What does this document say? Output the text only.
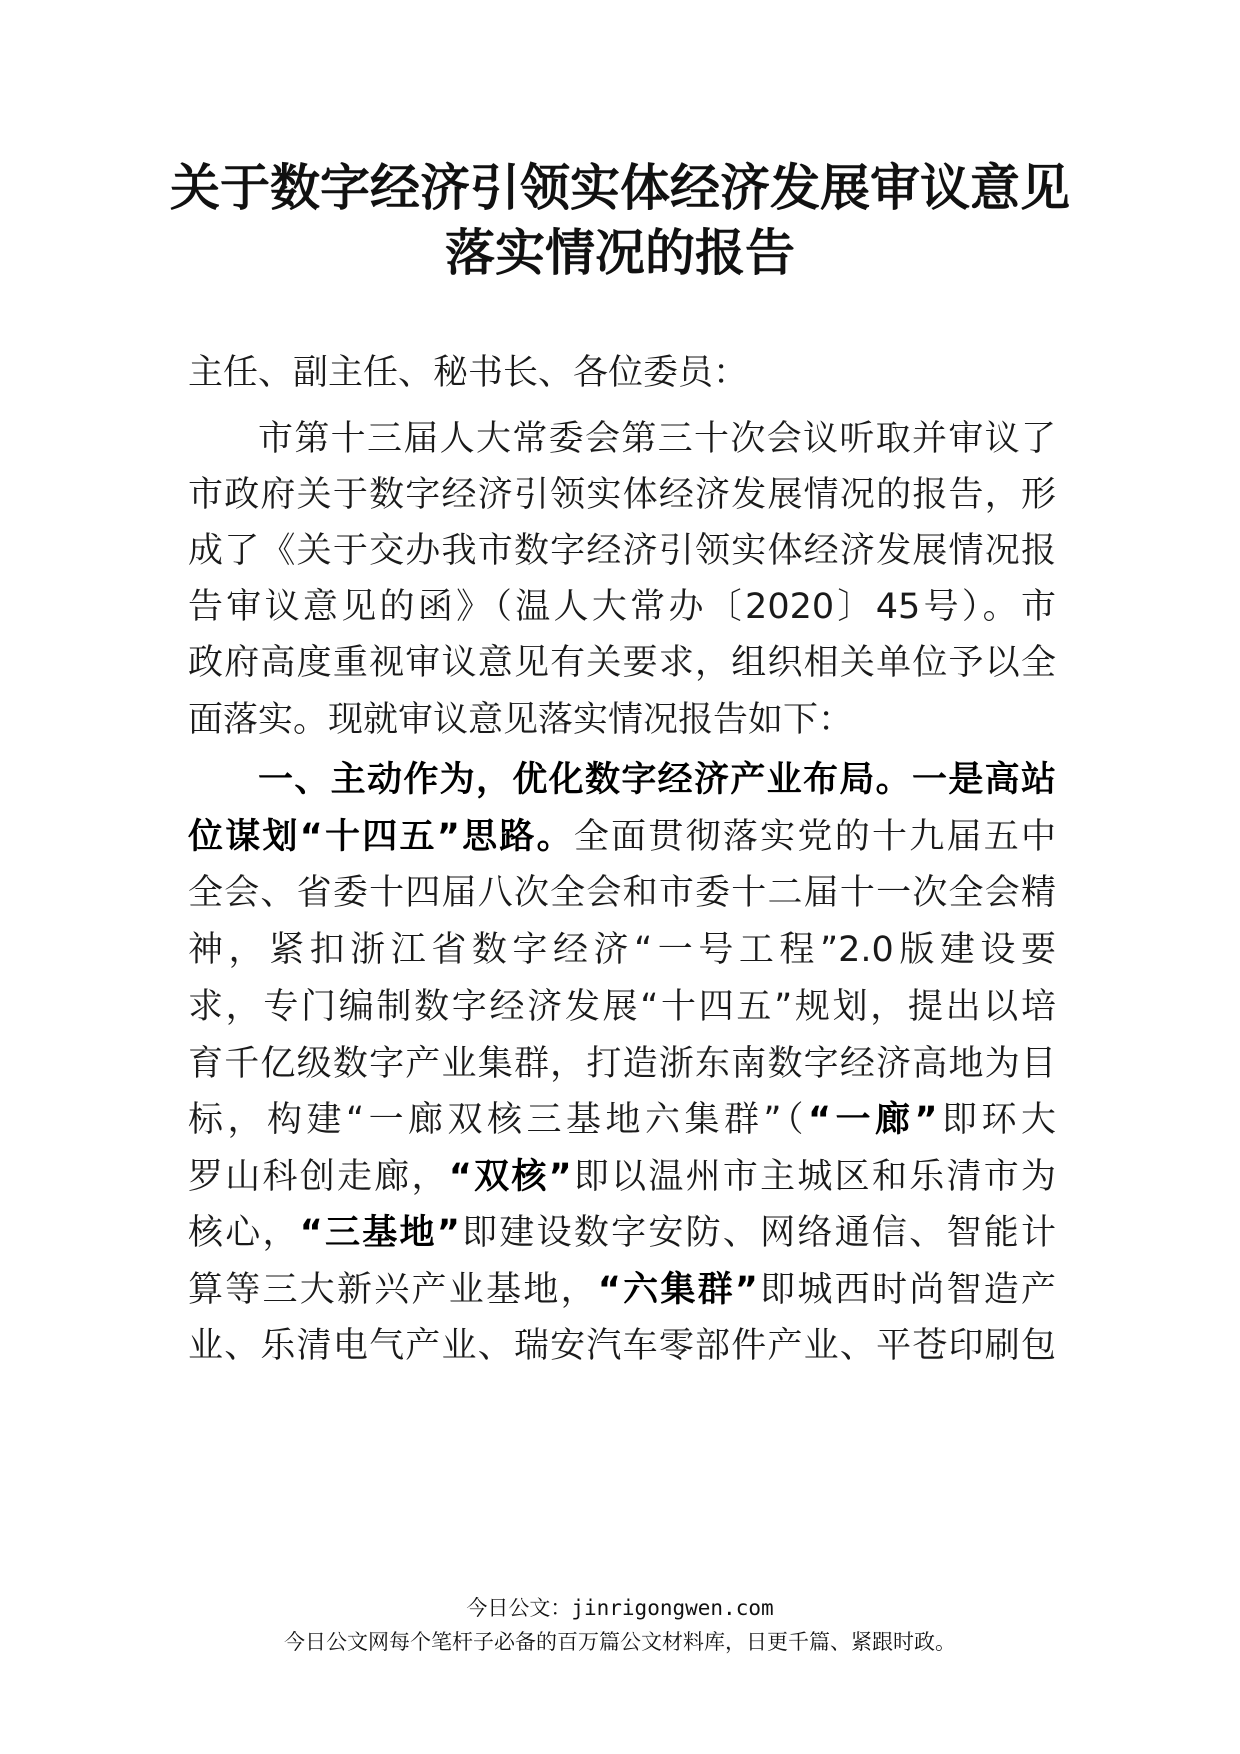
关于数字经济引领实体经济发展审议意见
落实情况的报告
主任、副主任、秘书长、各位委员：
市第十三届人大常委会第三十次会议听取并审议了
市政府关于数字经济引领实体经济发展情况的报告，形
成了《关于交办我市数字经济引领实体经济发展情况报
告审议意见的函》（温人大常办〔2020〕45号）。市
政府高度重视审议意见有关要求，组织相关单位予以全
面落实。现就审议意见落实情况报告如下：
一、主动作为，优化数字经济产业布局。一是高站
位谋划“十四五”思路。全面贯彻落实党的十九届五中
全会、省委十四届八次全会和市委十二届十一次全会精
神，紧扣浙江省数字经济“一号工程”2.0版建设要
求，专门编制数字经济发展“十四五”规划，提出以培
育千亿级数字产业集群，打造浙东南数字经济高地为目
标，构建“一廊双核三基地六集群”（“一廊”即环大
罗山科创走廊，“双核”即以温州市主城区和乐清市为
核心，“三基地”即建设数字安防、网络通信、智能计
算等三大新兴产业基地，“六集群”即城西时尚智造产
业、乐清电气产业、瑞安汽车零部件产业、平苍印刷包
今日公文：jinrigongwen.com
今日公文网每个笔杆子必备的百万篇公文材料库，日更千篇、紧跟时政。
